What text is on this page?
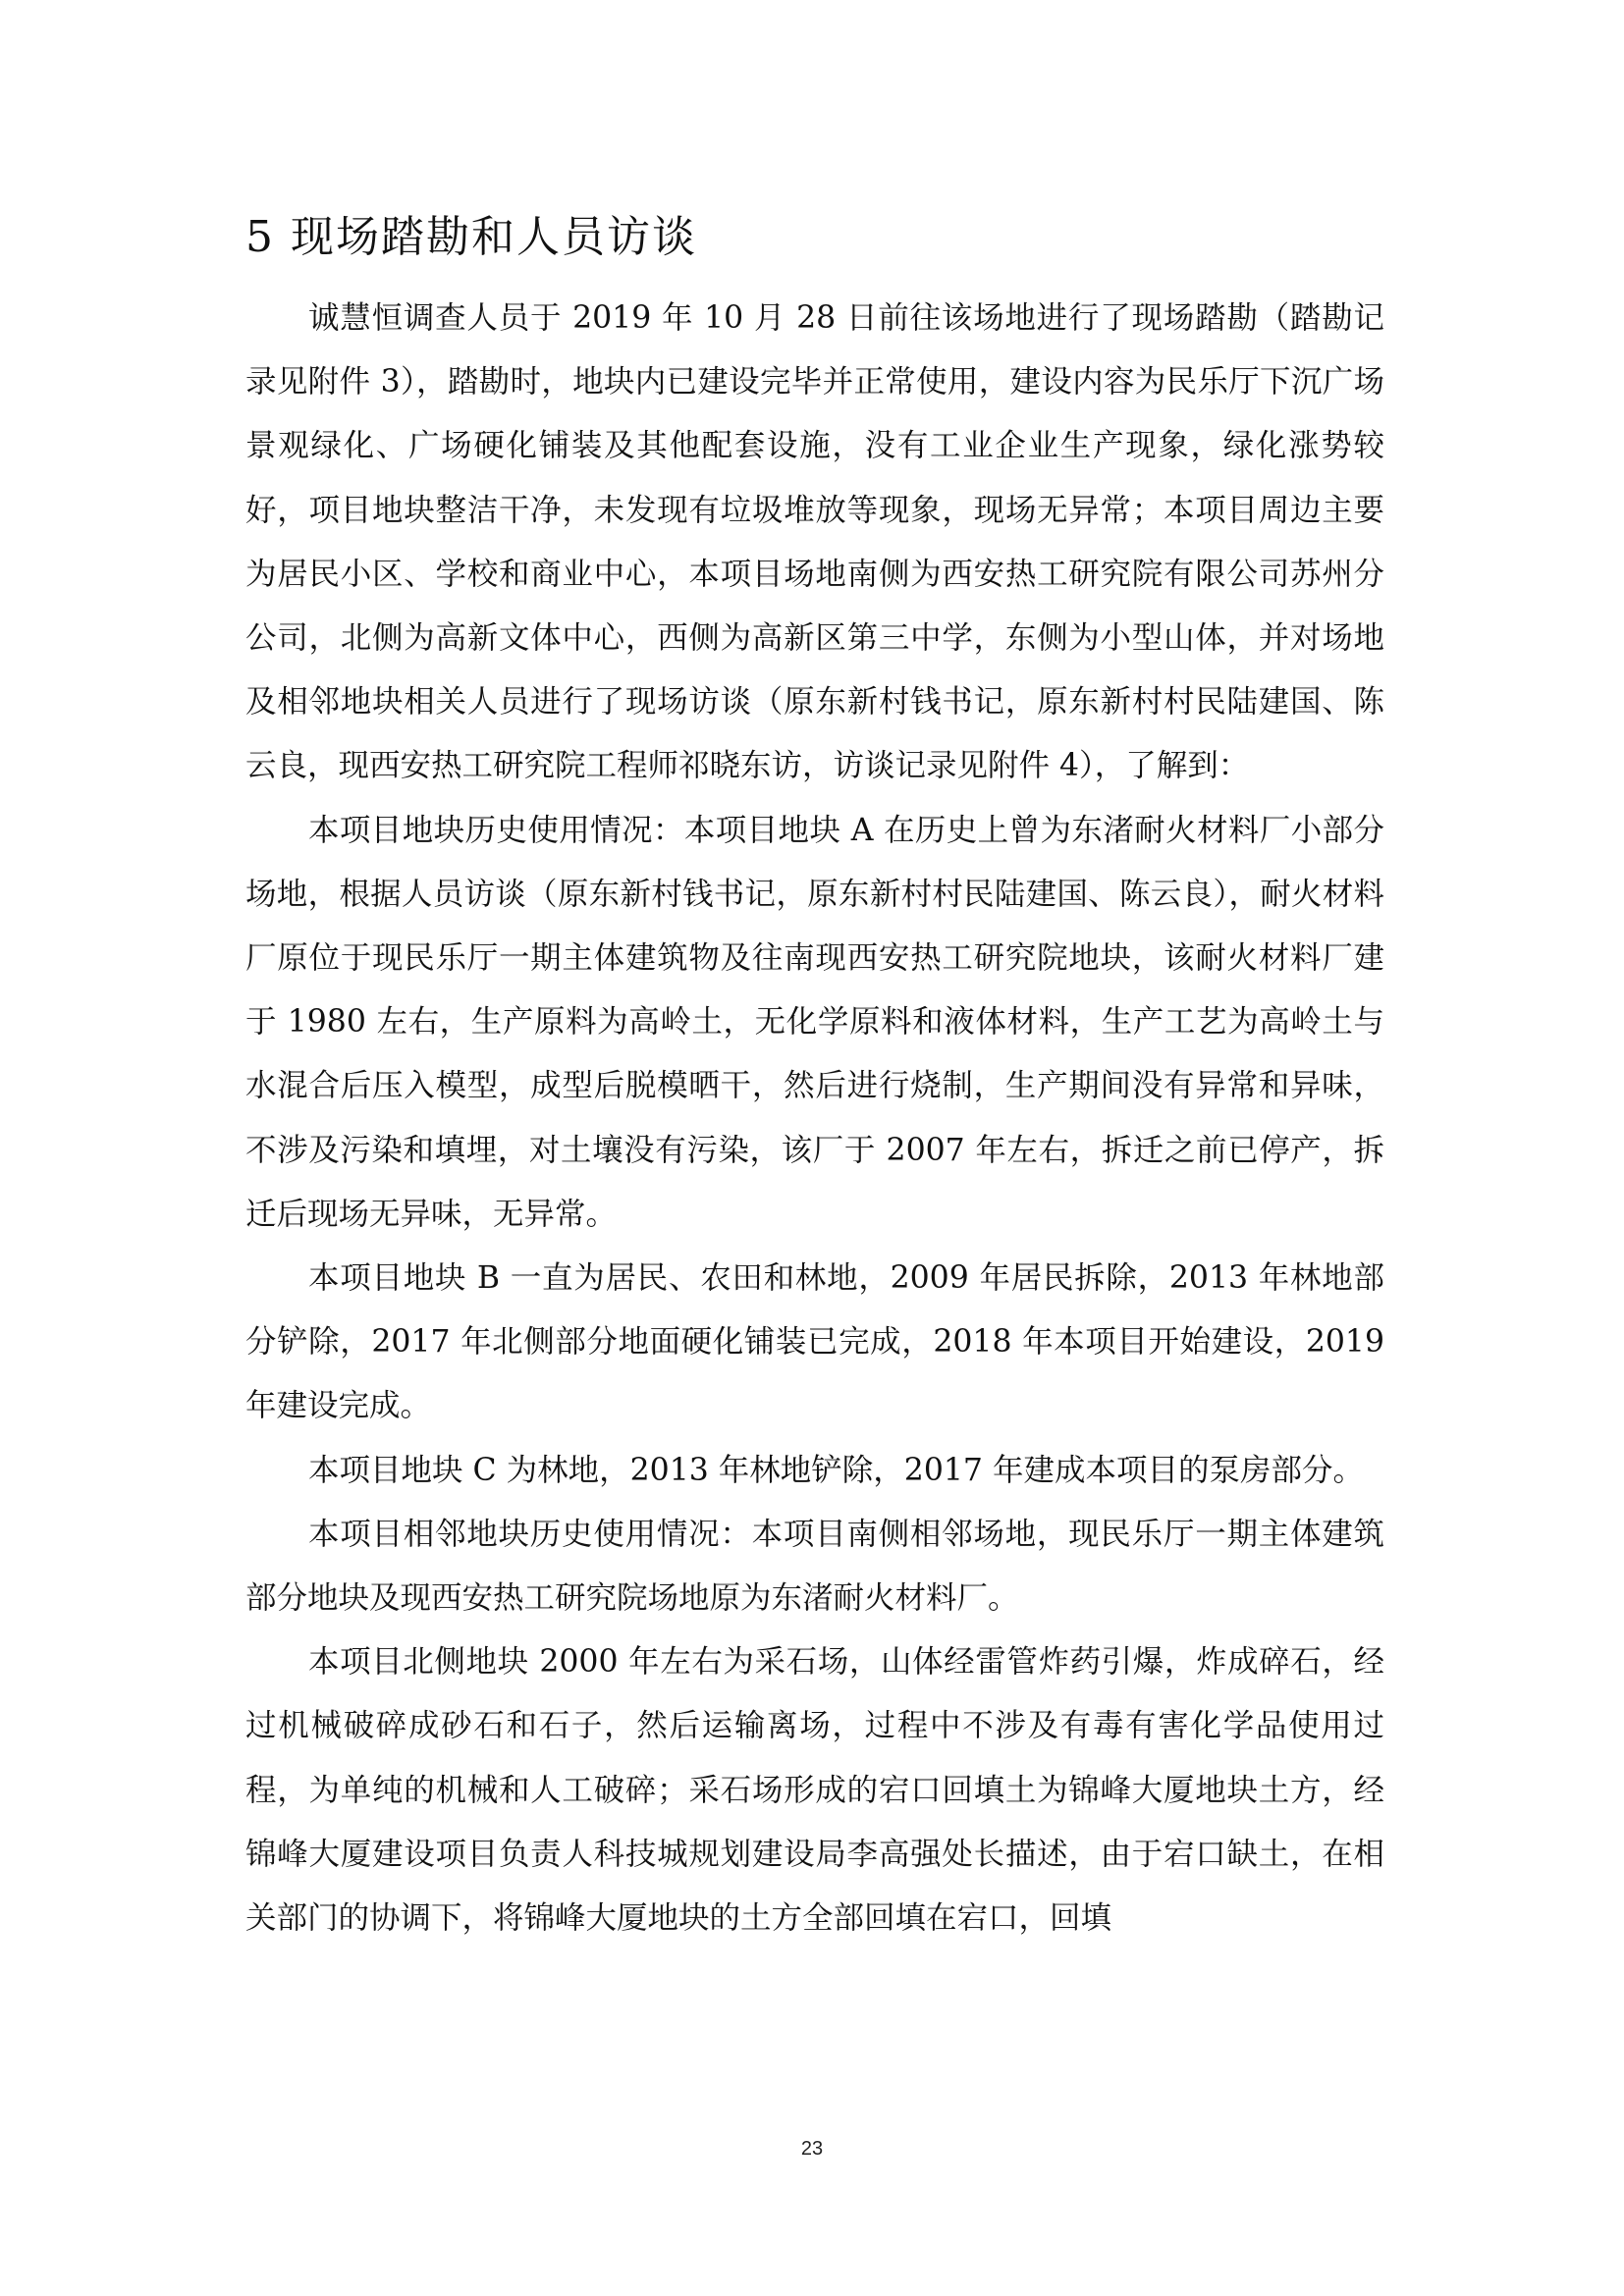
5 现场踏勘和人员访谈

诚慧恒调查人员于 2019 年 10 月 28 日前往该场地进行了现场踏勘（踏勘记录见附件 3），踏勘时，地块内已建设完毕并正常使用，建设内容为民乐厅下沉广场景观绿化、广场硬化铺装及其他配套设施，没有工业企业生产现象，绿化涨势较好，项目地块整洁干净，未发现有垃圾堆放等现象，现场无异常；本项目周边主要为居民小区、学校和商业中心，本项目场地南侧为西安热工研究院有限公司苏州分公司，北侧为高新文体中心，西侧为高新区第三中学，东侧为小型山体，并对场地及相邻地块相关人员进行了现场访谈（原东新村钱书记，原东新村村民陆建国、陈云良，现西安热工研究院工程师祁晓东访，访谈记录见附件 4），了解到：

本项目地块历史使用情况：本项目地块 A 在历史上曾为东渚耐火材料厂小部分场地，根据人员访谈（原东新村钱书记，原东新村村民陆建国、陈云良），耐火材料厂原位于现民乐厅一期主体建筑物及往南现西安热工研究院地块，该耐火材料厂建于 1980 左右，生产原料为高岭土，无化学原料和液体材料，生产工艺为高岭土与水混合后压入模型，成型后脱模晒干，然后进行烧制，生产期间没有异常和异味，不涉及污染和填埋，对土壤没有污染，该厂于 2007 年左右，拆迁之前已停产，拆迁后现场无异味，无异常。

本项目地块 B 一直为居民、农田和林地，2009 年居民拆除，2013 年林地部分铲除，2017 年北侧部分地面硬化铺装已完成，2018 年本项目开始建设，2019 年建设完成。

本项目地块 C 为林地，2013 年林地铲除，2017 年建成本项目的泵房部分。

本项目相邻地块历史使用情况：本项目南侧相邻场地，现民乐厅一期主体建筑部分地块及现西安热工研究院场地原为东渚耐火材料厂。

本项目北侧地块 2000 年左右为采石场，山体经雷管炸药引爆，炸成碎石，经过机械破碎成砂石和石子，然后运输离场，过程中不涉及有毒有害化学品使用过程，为单纯的机械和人工破碎；采石场形成的宕口回填土为锦峰大厦地块土方，经锦峰大厦建设项目负责人科技城规划建设局李高强处长描述，由于宕口缺土，在相关部门的协调下，将锦峰大厦地块的土方全部回填在宕口，回填

23
